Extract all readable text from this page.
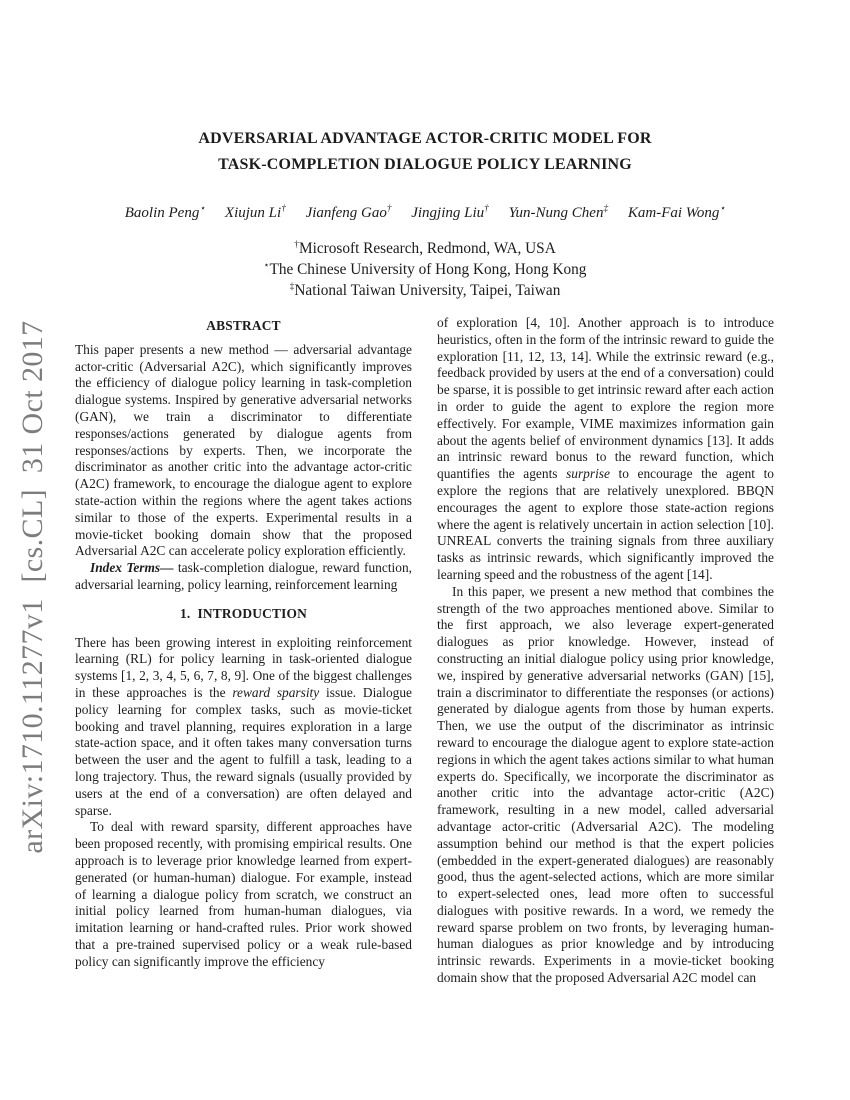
arXiv:1710.11277v1  [cs.CL]  31 Oct 2017
ADVERSARIAL ADVANTAGE ACTOR-CRITIC MODEL FOR
TASK-COMPLETION DIALOGUE POLICY LEARNING
Baolin Peng⋆ Xiujun Li† Jianfeng Gao† Jingjing Liu† Yun-Nung Chen‡ Kam-Fai Wong⋆
†Microsoft Research, Redmond, WA, USA
⋆The Chinese University of Hong Kong, Hong Kong
‡National Taiwan University, Taipei, Taiwan
ABSTRACT

This paper presents a new method — adversarial advantage actor-critic (Adversarial A2C), which significantly improves the efficiency of dialogue policy learning in task-completion dialogue systems. Inspired by generative adversarial networks (GAN), we train a discriminator to differentiate responses/actions generated by dialogue agents from responses/actions by experts. Then, we incorporate the discriminator as another critic into the advantage actor-critic (A2C) framework, to encourage the dialogue agent to explore state-action within the regions where the agent takes actions similar to those of the experts. Experimental results in a movie-ticket booking domain show that the proposed Adversarial A2C can accelerate policy exploration efficiently.

Index Terms— task-completion dialogue, reward function, adversarial learning, policy learning, reinforcement learning

1.  INTRODUCTION

There has been growing interest in exploiting reinforcement learning (RL) for policy learning in task-oriented dialogue systems [1, 2, 3, 4, 5, 6, 7, 8, 9]. One of the biggest challenges in these approaches is the reward sparsity issue. Dialogue policy learning for complex tasks, such as movie-ticket booking and travel planning, requires exploration in a large state-action space, and it often takes many conversation turns between the user and the agent to fulfill a task, leading to a long trajectory. Thus, the reward signals (usually provided by users at the end of a conversation) are often delayed and sparse.

To deal with reward sparsity, different approaches have been proposed recently, with promising empirical results. One approach is to leverage prior knowledge learned from expert-generated (or human-human) dialogue. For example, instead of learning a dialogue policy from scratch, we construct an initial policy learned from human-human dialogues, via imitation learning or hand-crafted rules. Prior work showed that a pre-trained supervised policy or a weak rule-based policy can significantly improve the efficiency

of exploration [4, 10]. Another approach is to introduce heuristics, often in the form of the intrinsic reward to guide the exploration [11, 12, 13, 14]. While the extrinsic reward (e.g., feedback provided by users at the end of a conversation) could be sparse, it is possible to get intrinsic reward after each action in order to guide the agent to explore the region more effectively. For example, VIME maximizes information gain about the agents belief of environment dynamics [13]. It adds an intrinsic reward bonus to the reward function, which quantifies the agents surprise to encourage the agent to explore the regions that are relatively unexplored. BBQN encourages the agent to explore those state-action regions where the agent is relatively uncertain in action selection [10]. UNREAL converts the training signals from three auxiliary tasks as intrinsic rewards, which significantly improved the learning speed and the robustness of the agent [14].

In this paper, we present a new method that combines the strength of the two approaches mentioned above. Similar to the first approach, we also leverage expert-generated dialogues as prior knowledge. However, instead of constructing an initial dialogue policy using prior knowledge, we, inspired by generative adversarial networks (GAN) [15], train a discriminator to differentiate the responses (or actions) generated by dialogue agents from those by human experts. Then, we use the output of the discriminator as intrinsic reward to encourage the dialogue agent to explore state-action regions in which the agent takes actions similar to what human experts do. Specifically, we incorporate the discriminator as another critic into the advantage actor-critic (A2C) framework, resulting in a new model, called adversarial advantage actor-critic (Adversarial A2C). The modeling assumption behind our method is that the expert policies (embedded in the expert-generated dialogues) are reasonably good, thus the agent-selected actions, which are more similar to expert-selected ones, lead more often to successful dialogues with positive rewards. In a word, we remedy the reward sparse problem on two fronts, by leveraging human-human dialogues as prior knowledge and by introducing intrinsic rewards. Experiments in a movie-ticket booking domain show that the proposed Adversarial A2C model can
